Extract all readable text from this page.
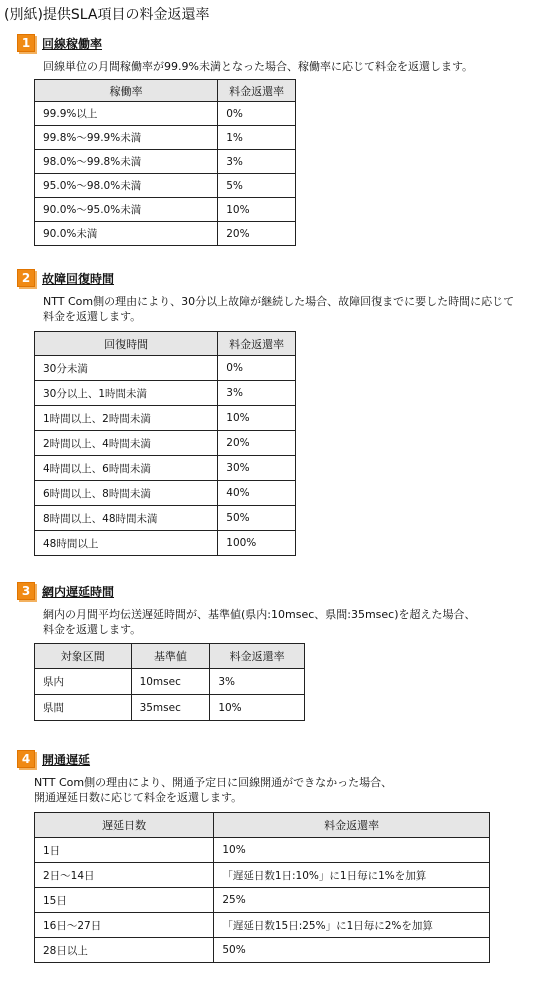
(別紙)提供SLA項目の料金返還率
1 回線稼働率
回線単位の月間稼働率が99.9%未満となった場合、稼働率に応じて料金を返還します。
稼働率	料金返還率
99.9%以上	0%
99.8%〜99.9%未満	1%
98.0%〜99.8%未満	3%
95.0%〜98.0%未満	5%
90.0%〜95.0%未満	10%
90.0%未満	20%
2 故障回復時間
NTT Com側の理由により、30分以上故障が継続した場合、故障回復までに要した時間に応じて
料金を返還します。
回復時間	料金返還率
30分未満	0%
30分以上、1時間未満	3%
1時間以上、2時間未満	10%
2時間以上、4時間未満	20%
4時間以上、6時間未満	30%
6時間以上、8時間未満	40%
8時間以上、48時間未満	50%
48時間以上	100%
3 網内遅延時間
網内の月間平均伝送遅延時間が、基準値(県内:10msec、県間:35msec)を超えた場合、
料金を返還します。
対象区間	基準値	料金返還率
県内	10msec	3%
県間	35msec	10%
4 開通遅延
NTT Com側の理由により、開通予定日に回線開通ができなかった場合、
開通遅延日数に応じて料金を返還します。
遅延日数	料金返還率
1日	10%
2日〜14日	「遅延日数1日:10%」に1日毎に1%を加算
15日	25%
16日〜27日	「遅延日数15日:25%」に1日毎に2%を加算
28日以上	50%
